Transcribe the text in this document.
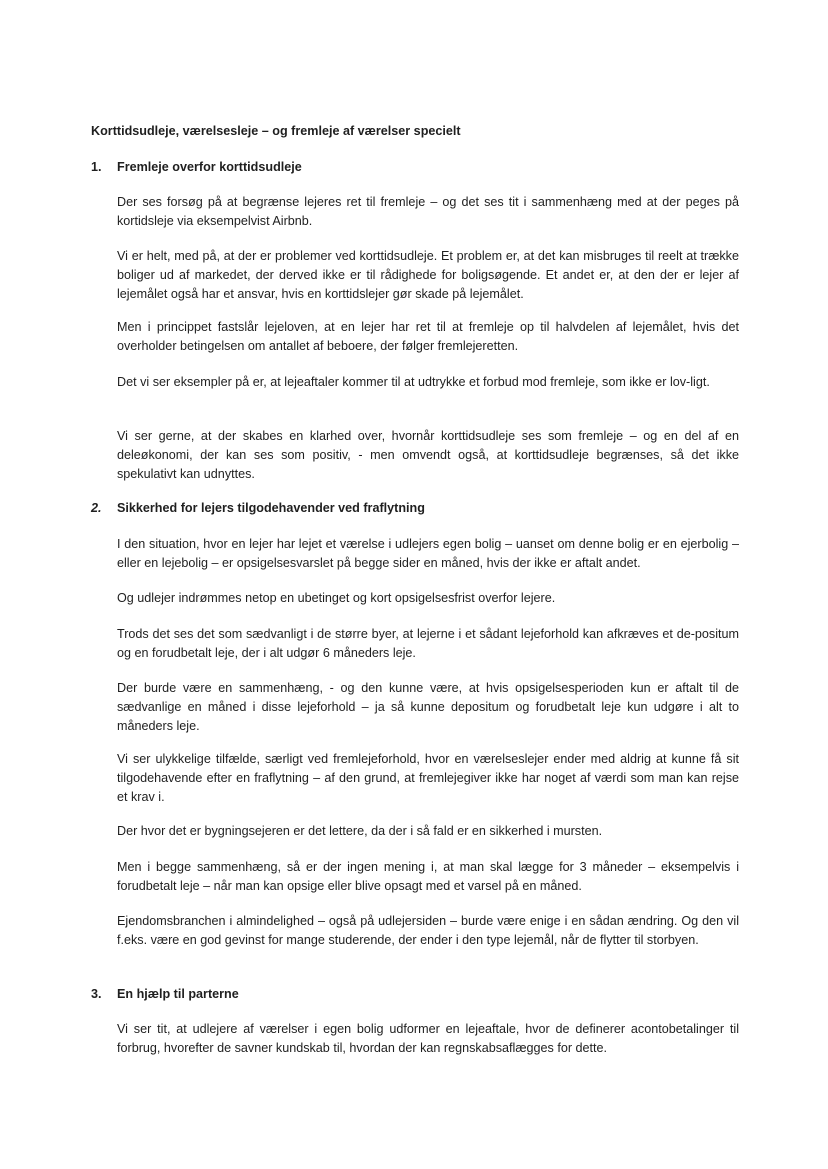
Korttidsudleje, værelsesleje – og fremleje af værelser specielt

1. Fremleje overfor korttidsudleje

Der ses forsøg på at begrænse lejeres ret til fremleje – og det ses tit i sammenhæng med at der peges på kortidsleje via eksempelvist Airbnb.

Vi er helt, med på, at der er problemer ved korttidsudleje. Et problem er, at det kan misbruges til reelt at trække boliger ud af markedet, der derved ikke er til rådighede for boligsøgende. Et andet er, at den der er lejer af lejemålet også har et ansvar, hvis en korttidslejer gør skade på lejemålet.

Men i princippet fastslår lejeloven, at en lejer har ret til at fremleje op til halvdelen af lejemålet, hvis det overholder betingelsen om antallet af beboere, der følger fremlejeretten.

Det vi ser eksempler på er, at lejeaftaler kommer til at udtrykke et forbud mod fremleje, som ikke er lov-ligt.

Vi ser gerne, at der skabes en klarhed over, hvornår korttidsudleje ses som fremleje – og en del af en deleøkonomi, der kan ses som positiv, - men omvendt også, at korttidsudleje begrænses, så det ikke spekulativt kan udnyttes.

2. Sikkerhed for lejers tilgodehavender ved fraflytning

I den situation, hvor en lejer har lejet et værelse i udlejers egen bolig – uanset om denne bolig er en ejerbolig – eller en lejebolig – er opsigelsesvarslet på begge sider en måned, hvis der ikke er aftalt andet.

Og udlejer indrømmes netop en ubetinget og kort opsigelsesfrist overfor lejere.

Trods det ses det som sædvanligt i de større byer, at lejerne i et sådant lejeforhold kan afkræves et de-positum og en forudbetalt leje, der i alt udgør 6 måneders leje.

Der burde være en sammenhæng, - og den kunne være, at hvis opsigelsesperioden kun er aftalt til de sædvanlige en måned i disse lejeforhold – ja så kunne depositum og forudbetalt leje kun udgøre i alt to måneders leje.

Vi ser ulykkelige tilfælde, særligt ved fremlejeforhold, hvor en værelseslejer ender med aldrig at kunne få sit tilgodehavende efter en fraflytning – af den grund, at fremlejegiver ikke har noget af værdi som man kan rejse et krav i.

Der hvor det er bygningsejeren er det lettere, da der i så fald er en sikkerhed i mursten.

Men i begge sammenhæng, så er der ingen mening i, at man skal lægge for 3 måneder – eksempelvis i forudbetalt leje – når man kan opsige eller blive opsagt med et varsel på en måned.

Ejendomsbranchen i almindelighed – også på udlejersiden – burde være enige i en sådan ændring. Og den vil f.eks. være en god gevinst for mange studerende, der ender i den type lejemål, når de flytter til storbyen.

3. En hjælp til parterne

Vi ser tit, at udlejere af værelser i egen bolig udformer en lejeaftale, hvor de definerer acontobetalinger til forbrug, hvorefter de savner kundskab til, hvordan der kan regnskabsaflægges for dette.
